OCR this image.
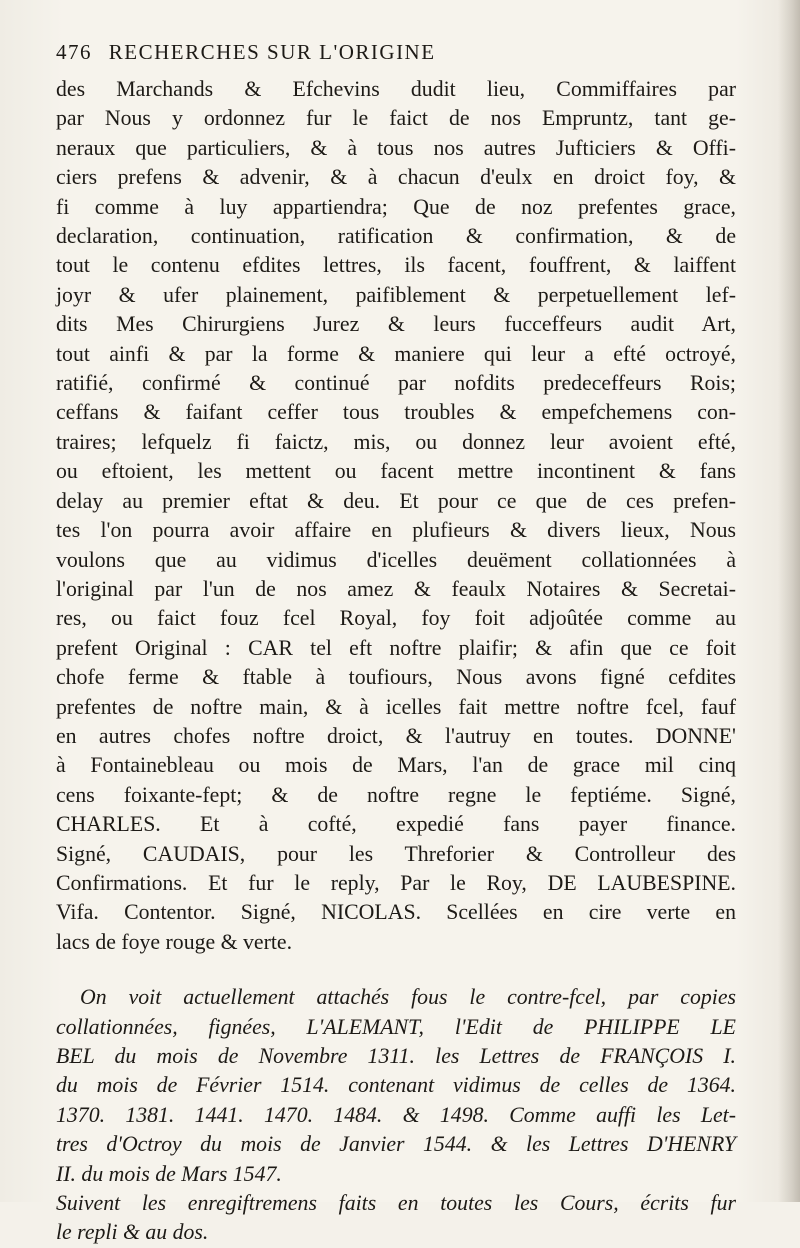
476 RECHERCHES SUR L'ORIGINE
des Marchands & Efchevins dudit lieu, Commiffaires par
par Nous y ordonnez fur le faict de nos Empruntz, tant ge-
neraux que particuliers, & à tous nos autres Jufticiers & Offi-
ciers prefens & advenir, & à chacun d'eulx en droict foy, &
fi comme à luy appartiendra; Que de noz prefentes grace,
declaration, continuation, ratification & confirmation, & de
tout le contenu efdites lettres, ils facent, fouffrent, & laiffent
joyr & ufer plainement, paifiblement & perpetuellement lef-
dits Mes Chirurgiens Jurez & leurs fucceffeurs audit Art,
tout ainfi & par la forme & maniere qui leur a efté octroyé,
ratifié, confirmé & continué par nofdits predeceffeurs Rois;
ceffans & faifant ceffer tous troubles & empefchemens con-
traires; lefquelz fi faictz, mis, ou donnez leur avoient efté,
ou eftoient, les mettent ou facent mettre incontinent & fans
delay au premier eftat & deu. Et pour ce que de ces prefen-
tes l'on pourra avoir affaire en plufieurs & divers lieux, Nous
voulons que au vidimus d'icelles deuëment collationnées à
l'original par l'un de nos amez & feaulx Notaires & Secretai-
res, ou faict fouz fcel Royal, foy foit adjoûtée comme au
prefent Original : CAR tel eft noftre plaifir; & afin que ce foit
chofe ferme & ftable à toufiours, Nous avons figné cefdites
prefentes de noftre main, & à icelles fait mettre noftre fcel, fauf
en autres chofes noftre droict, & l'autruy en toutes. DONNE'
à Fontainebleau ou mois de Mars, l'an de grace mil cinq
cens foixante-fept; & de noftre regne le feptiéme. Signé,
CHARLES. Et à cofté, expedié fans payer finance.
Signé, CAUDAIS, pour les Threforier & Controlleur des
Confirmations. Et fur le reply, Par le Roy, DE LAUBESPINE.
Vifa. Contentor. Signé, NICOLAS. Scellées en cire verte en
lacs de foye rouge & verte.
On voit actuellement attachés fous le contre-fcel, par copies
collationnées, fignées, L'ALEMANT, l'Edit de PHILIPPE LE
BEL du mois de Novembre 1311. les Lettres de FRANÇOIS I.
du mois de Février 1514. contenant vidimus de celles de 1364.
1370. 1381. 1441. 1470. 1484. & 1498. Comme auffi les Let-
tres d'Octroy du mois de Janvier 1544. & les Lettres D'HENRY
II. du mois de Mars 1547.
Suivent les enregiftremens faits en toutes les Cours, écrits fur
le repli & au dos.
